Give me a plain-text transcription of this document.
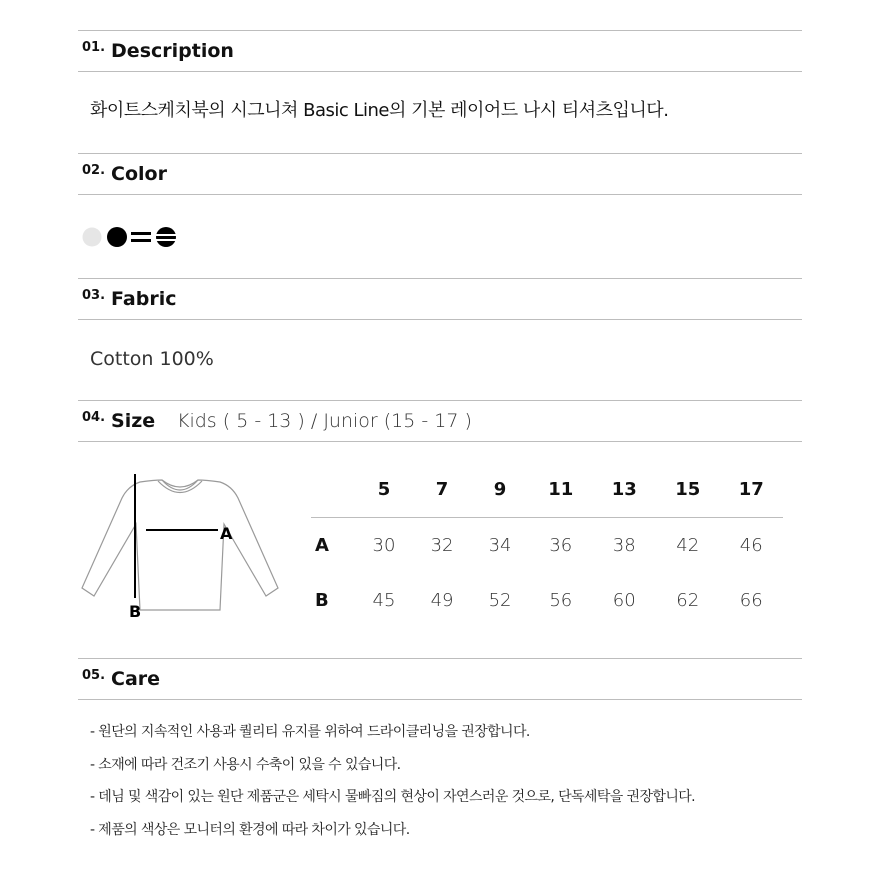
01. Description
화이트스케치북의 시그니쳐 Basic Line의 기본 레이어드 나시 티셔츠입니다.
02. Color
03. Fabric
Cotton 100%
04. Size Kids ( 5 - 13 ) / Junior (15 - 17 )
A
B
	5	7	9	11	13	15	17
A	30	32	34	36	38	42	46
B	45	49	52	56	60	62	66
05. Care
- 원단의 지속적인 사용과 퀄리티 유지를 위하여 드라이클리닝을 권장합니다.
- 소재에 따라 건조기 사용시 수축이 있을 수 있습니다.
- 데님 및 색감이 있는 원단 제품군은 세탁시 물빠짐의 현상이 자연스러운 것으로, 단독세탁을 권장합니다.
- 제품의 색상은 모니터의 환경에 따라 차이가 있습니다.
